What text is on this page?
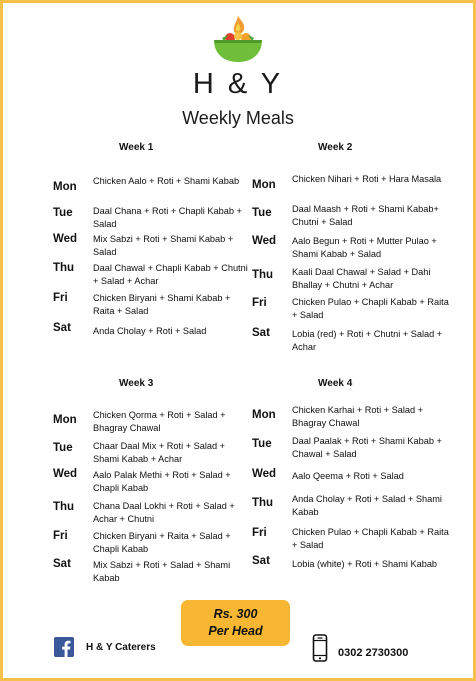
H & Y
Weekly Meals
Week 1
Mon	Chicken Aalo + Roti + Shami Kabab
Tue	Daal Chana + Roti + Chapli Kabab + Salad
Wed	Mix Sabzi + Roti + Shami Kabab + Salad
Thu	Daal Chawal + Chapli Kabab + Chutni + Salad + Achar
Fri	Chicken Biryani + Shami Kabab + Raita + Salad
Sat	Anda Cholay + Roti + Salad
Week 2
Mon	Chicken Nihari + Roti + Hara Masala
Tue	Daal Maash + Roti + Shami Kabab+ Chutni + Salad
Wed	Aalo Begun + Roti + Mutter Pulao + Shami Kabab + Salad
Thu	Kaali Daal Chawal + Salad + Dahi Bhallay + Chutni + Achar
Fri	Chicken Pulao + Chapli Kabab + Raita + Salad
Sat	Lobia (red) + Roti + Chutni + Salad + Achar
Week 3
Mon	Chicken Qorma + Roti + Salad + Bhagray Chawal
Tue	Chaar Daal Mix + Roti + Salad + Shami Kabab + Achar
Wed	Aalo Palak Methi + Roti + Salad + Chapli Kabab
Thu	Chana Daal Lokhi + Roti + Salad + Achar + Chutni
Fri	Chicken Biryani + Raita + Salad + Chapli Kabab
Sat	Mix Sabzi + Roti + Salad + Shami Kabab
Week 4
Mon	Chicken Karhai + Roti + Salad + Bhagray Chawal
Tue	Daal Paalak + Roti + Shami Kabab + Chawal + Salad
Wed	Aalo Qeema + Roti + Salad
Thu	Anda Cholay + Roti + Salad + Shami Kabab
Fri	Chicken Pulao + Chapli Kabab + Raita + Salad
Sat	Lobia (white) + Roti + Shami Kabab
Rs. 300
Per Head
H & Y Caterers	0302 2730300
